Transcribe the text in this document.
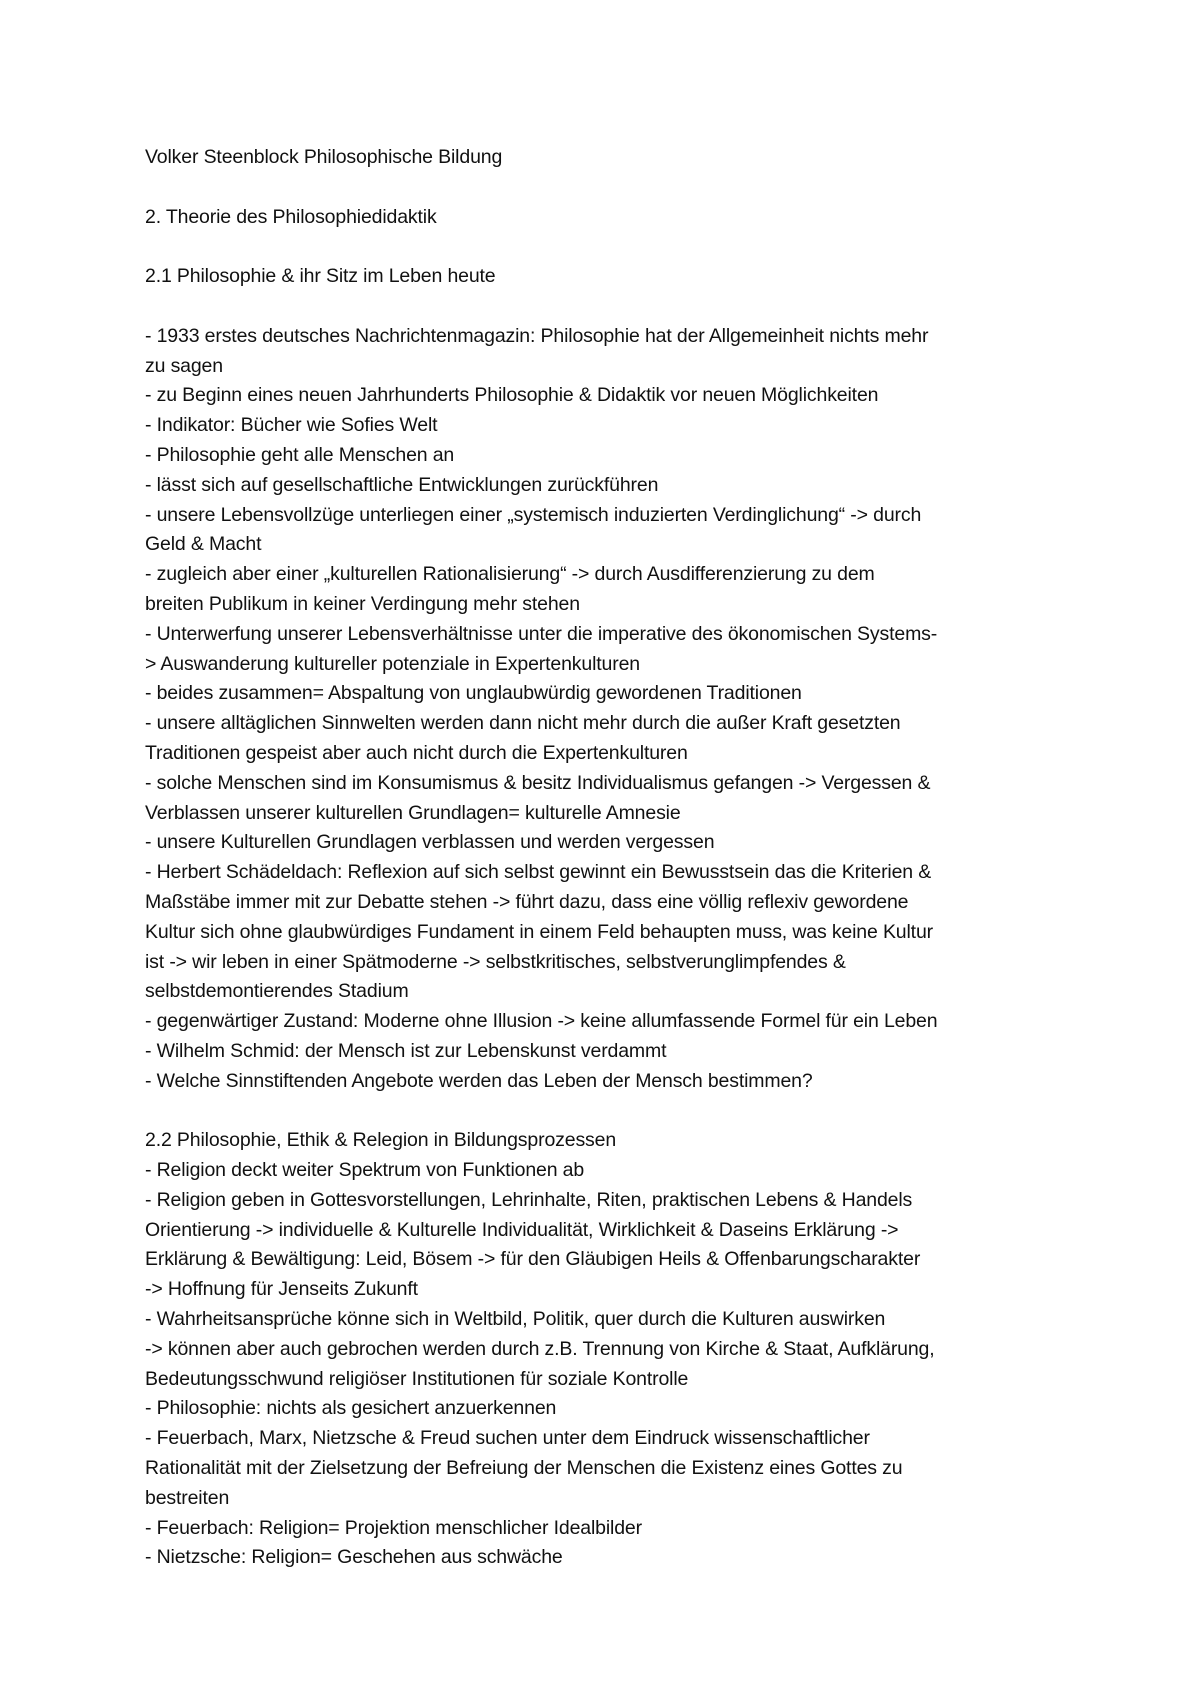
Volker Steenblock Philosophische Bildung
2. Theorie des Philosophiedidaktik
2.1 Philosophie & ihr Sitz im Leben heute
- 1933 erstes deutsches Nachrichtenmagazin: Philosophie hat der Allgemeinheit nichts mehr
zu sagen
- zu Beginn eines neuen Jahrhunderts Philosophie & Didaktik vor neuen Möglichkeiten
- Indikator: Bücher wie Sofies Welt
- Philosophie geht alle Menschen an
- lässt sich auf gesellschaftliche Entwicklungen zurückführen
- unsere Lebensvollzüge unterliegen einer „systemisch induzierten Verdinglichung“ -> durch
Geld & Macht
- zugleich aber einer „kulturellen Rationalisierung“ -> durch Ausdifferenzierung zu dem
breiten Publikum in keiner Verdingung mehr stehen
- Unterwerfung unserer Lebensverhältnisse unter die imperative des ökonomischen Systems-
> Auswanderung kultureller potenziale in Expertenkulturen
- beides zusammen= Abspaltung von unglaubwürdig gewordenen Traditionen
- unsere alltäglichen Sinnwelten werden dann nicht mehr durch die außer Kraft gesetzten
Traditionen gespeist aber auch nicht durch die Expertenkulturen
- solche Menschen sind im Konsumismus & besitz Individualismus gefangen -> Vergessen &
Verblassen unserer kulturellen Grundlagen= kulturelle Amnesie
- unsere Kulturellen Grundlagen verblassen und werden vergessen
- Herbert Schädeldach: Reflexion auf sich selbst gewinnt ein Bewusstsein das die Kriterien &
Maßstäbe immer mit zur Debatte stehen -> führt dazu, dass eine völlig reflexiv gewordene
Kultur sich ohne glaubwürdiges Fundament in einem Feld behaupten muss, was keine Kultur
ist -> wir leben in einer Spätmoderne -> selbstkritisches, selbstverunglimpfendes &
selbstdemontierendes Stadium
- gegenwärtiger Zustand: Moderne ohne Illusion -> keine allumfassende Formel für ein Leben
- Wilhelm Schmid: der Mensch ist zur Lebenskunst verdammt
- Welche Sinnstiftenden Angebote werden das Leben der Mensch bestimmen?
2.2 Philosophie, Ethik & Relegion in Bildungsprozessen
- Religion deckt weiter Spektrum von Funktionen ab
- Religion geben in Gottesvorstellungen, Lehrinhalte, Riten, praktischen Lebens & Handels
Orientierung -> individuelle & Kulturelle Individualität, Wirklichkeit & Daseins Erklärung ->
Erklärung & Bewältigung: Leid, Bösem -> für den Gläubigen Heils & Offenbarungscharakter
-> Hoffnung für Jenseits Zukunft
- Wahrheitsansprüche könne sich in Weltbild, Politik, quer durch die Kulturen auswirken
-> können aber auch gebrochen werden durch z.B. Trennung von Kirche & Staat, Aufklärung,
Bedeutungsschwund religiöser Institutionen für soziale Kontrolle
- Philosophie: nichts als gesichert anzuerkennen
- Feuerbach, Marx, Nietzsche & Freud suchen unter dem Eindruck wissenschaftlicher
Rationalität mit der Zielsetzung der Befreiung der Menschen die Existenz eines Gottes zu
bestreiten
- Feuerbach: Religion= Projektion menschlicher Idealbilder
- Nietzsche: Religion= Geschehen aus schwäche
